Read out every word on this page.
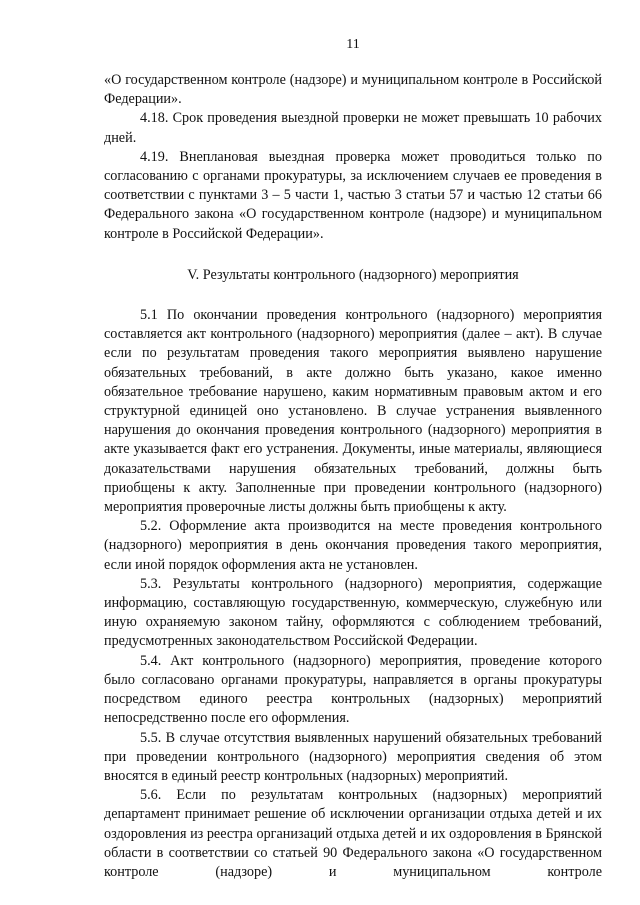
11

«О государственном контроле (надзоре) и муниципальном контроле в Российской Федерации».

4.18. Срок проведения выездной проверки не может превышать 10 рабочих дней.

4.19. Внеплановая выездная проверка может проводиться только по согласованию с органами прокуратуры, за исключением случаев ее проведения в соответствии с пунктами 3 – 5 части 1, частью 3 статьи 57 и частью 12 статьи 66 Федерального закона «О государственном контроле (надзоре) и муниципальном контроле в Российской Федерации».

V. Результаты контрольного (надзорного) мероприятия

5.1 По окончании проведения контрольного (надзорного) мероприятия составляется акт контрольного (надзорного) мероприятия (далее – акт). В случае если по результатам проведения такого мероприятия выявлено нарушение обязательных требований, в акте должно быть указано, какое именно обязательное требование нарушено, каким нормативным правовым актом и его структурной единицей оно установлено. В случае устранения выявленного нарушения до окончания проведения контрольного (надзорного) мероприятия в акте указывается факт его устранения. Документы, иные материалы, являющиеся доказательствами нарушения обязательных требований, должны быть приобщены к акту. Заполненные при проведении контрольного (надзорного) мероприятия проверочные листы должны быть приобщены к акту.

5.2. Оформление акта производится на месте проведения контрольного (надзорного) мероприятия в день окончания проведения такого мероприятия, если иной порядок оформления акта не установлен.

5.3. Результаты контрольного (надзорного) мероприятия, содержащие информацию, составляющую государственную, коммерческую, служебную или иную охраняемую законом тайну, оформляются с соблюдением требований, предусмотренных законодательством Российской Федерации.

5.4. Акт контрольного (надзорного) мероприятия, проведение которого было согласовано органами прокуратуры, направляется в органы прокуратуры посредством единого реестра контрольных (надзорных) мероприятий непосредственно после его оформления.

5.5. В случае отсутствия выявленных нарушений обязательных требований при проведении контрольного (надзорного) мероприятия сведения об этом вносятся в единый реестр контрольных (надзорных) мероприятий.

5.6. Если по результатам контрольных (надзорных) мероприятий департамент принимает решение об исключении организации отдыха детей и их оздоровления из реестра организаций отдыха детей и их оздоровления в Брянской области в соответствии со статьей 90 Федерального закона «О государственном контроле (надзоре) и муниципальном контроле
